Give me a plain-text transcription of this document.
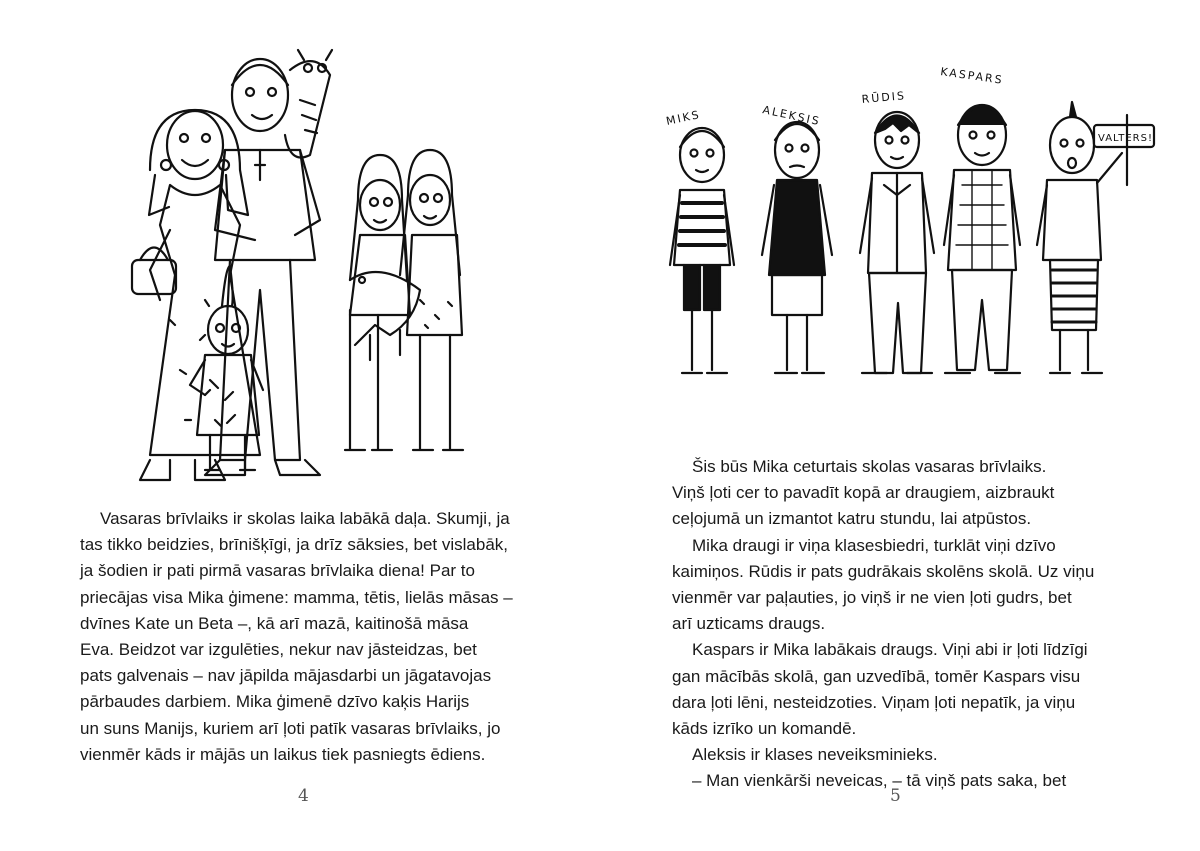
Vasaras brīvlaiks ir skolas laika labākā daļa. Skumji, ja

tas tikko beidzies, brīnišķīgi, ja drīz sāksies, bet vislabāk,

ja šodien ir pati pirmā vasaras brīvlaika diena! Par to

priecājas visa Mika ģimene: mamma, tētis, lielās māsas –

dvīnes Kate un Beta –, kā arī mazā, kaitinošā māsa

Eva. Beidzot var izgulēties, nekur nav jāsteidzas, bet

pats galvenais – nav jāpilda mājasdarbi un jāgatavojas

pārbaudes darbiem. Mika ģimenē dzīvo kaķis Harijs

un suns Manijs, kuriem arī ļoti patīk vasaras brīvlaiks, jo

vienmēr kāds ir mājās un laikus tiek pasniegts ēdiens.

4
MIKS	ALEKSIS
RŪDIS
KASPARS
VALTERS!

Šis būs Mika ceturtais skolas vasaras brīvlaiks.

Viņš ļoti cer to pavadīt kopā ar draugiem, aizbraukt

ceļojumā un izmantot katru stundu, lai atpūstos.

Mika draugi ir viņa klasesbiedri, turklāt viņi dzīvo

kaimiņos. Rūdis ir pats gudrākais skolēns skolā. Uz viņu

vienmēr var paļauties, jo viņš ir ne vien ļoti gudrs, bet

arī uzticams draugs.

Kaspars ir Mika labākais draugs. Viņi abi ir ļoti līdzīgi

gan mācībās skolā, gan uzvedībā, tomēr Kaspars visu

dara ļoti lēni, nesteidzoties. Viņam ļoti nepatīk, ja viņu

kāds izrīko un komandē.

Aleksis ir klases neveiksminieks.

– Man vienkārši neveicas, – tā viņš pats saka, bet

5
